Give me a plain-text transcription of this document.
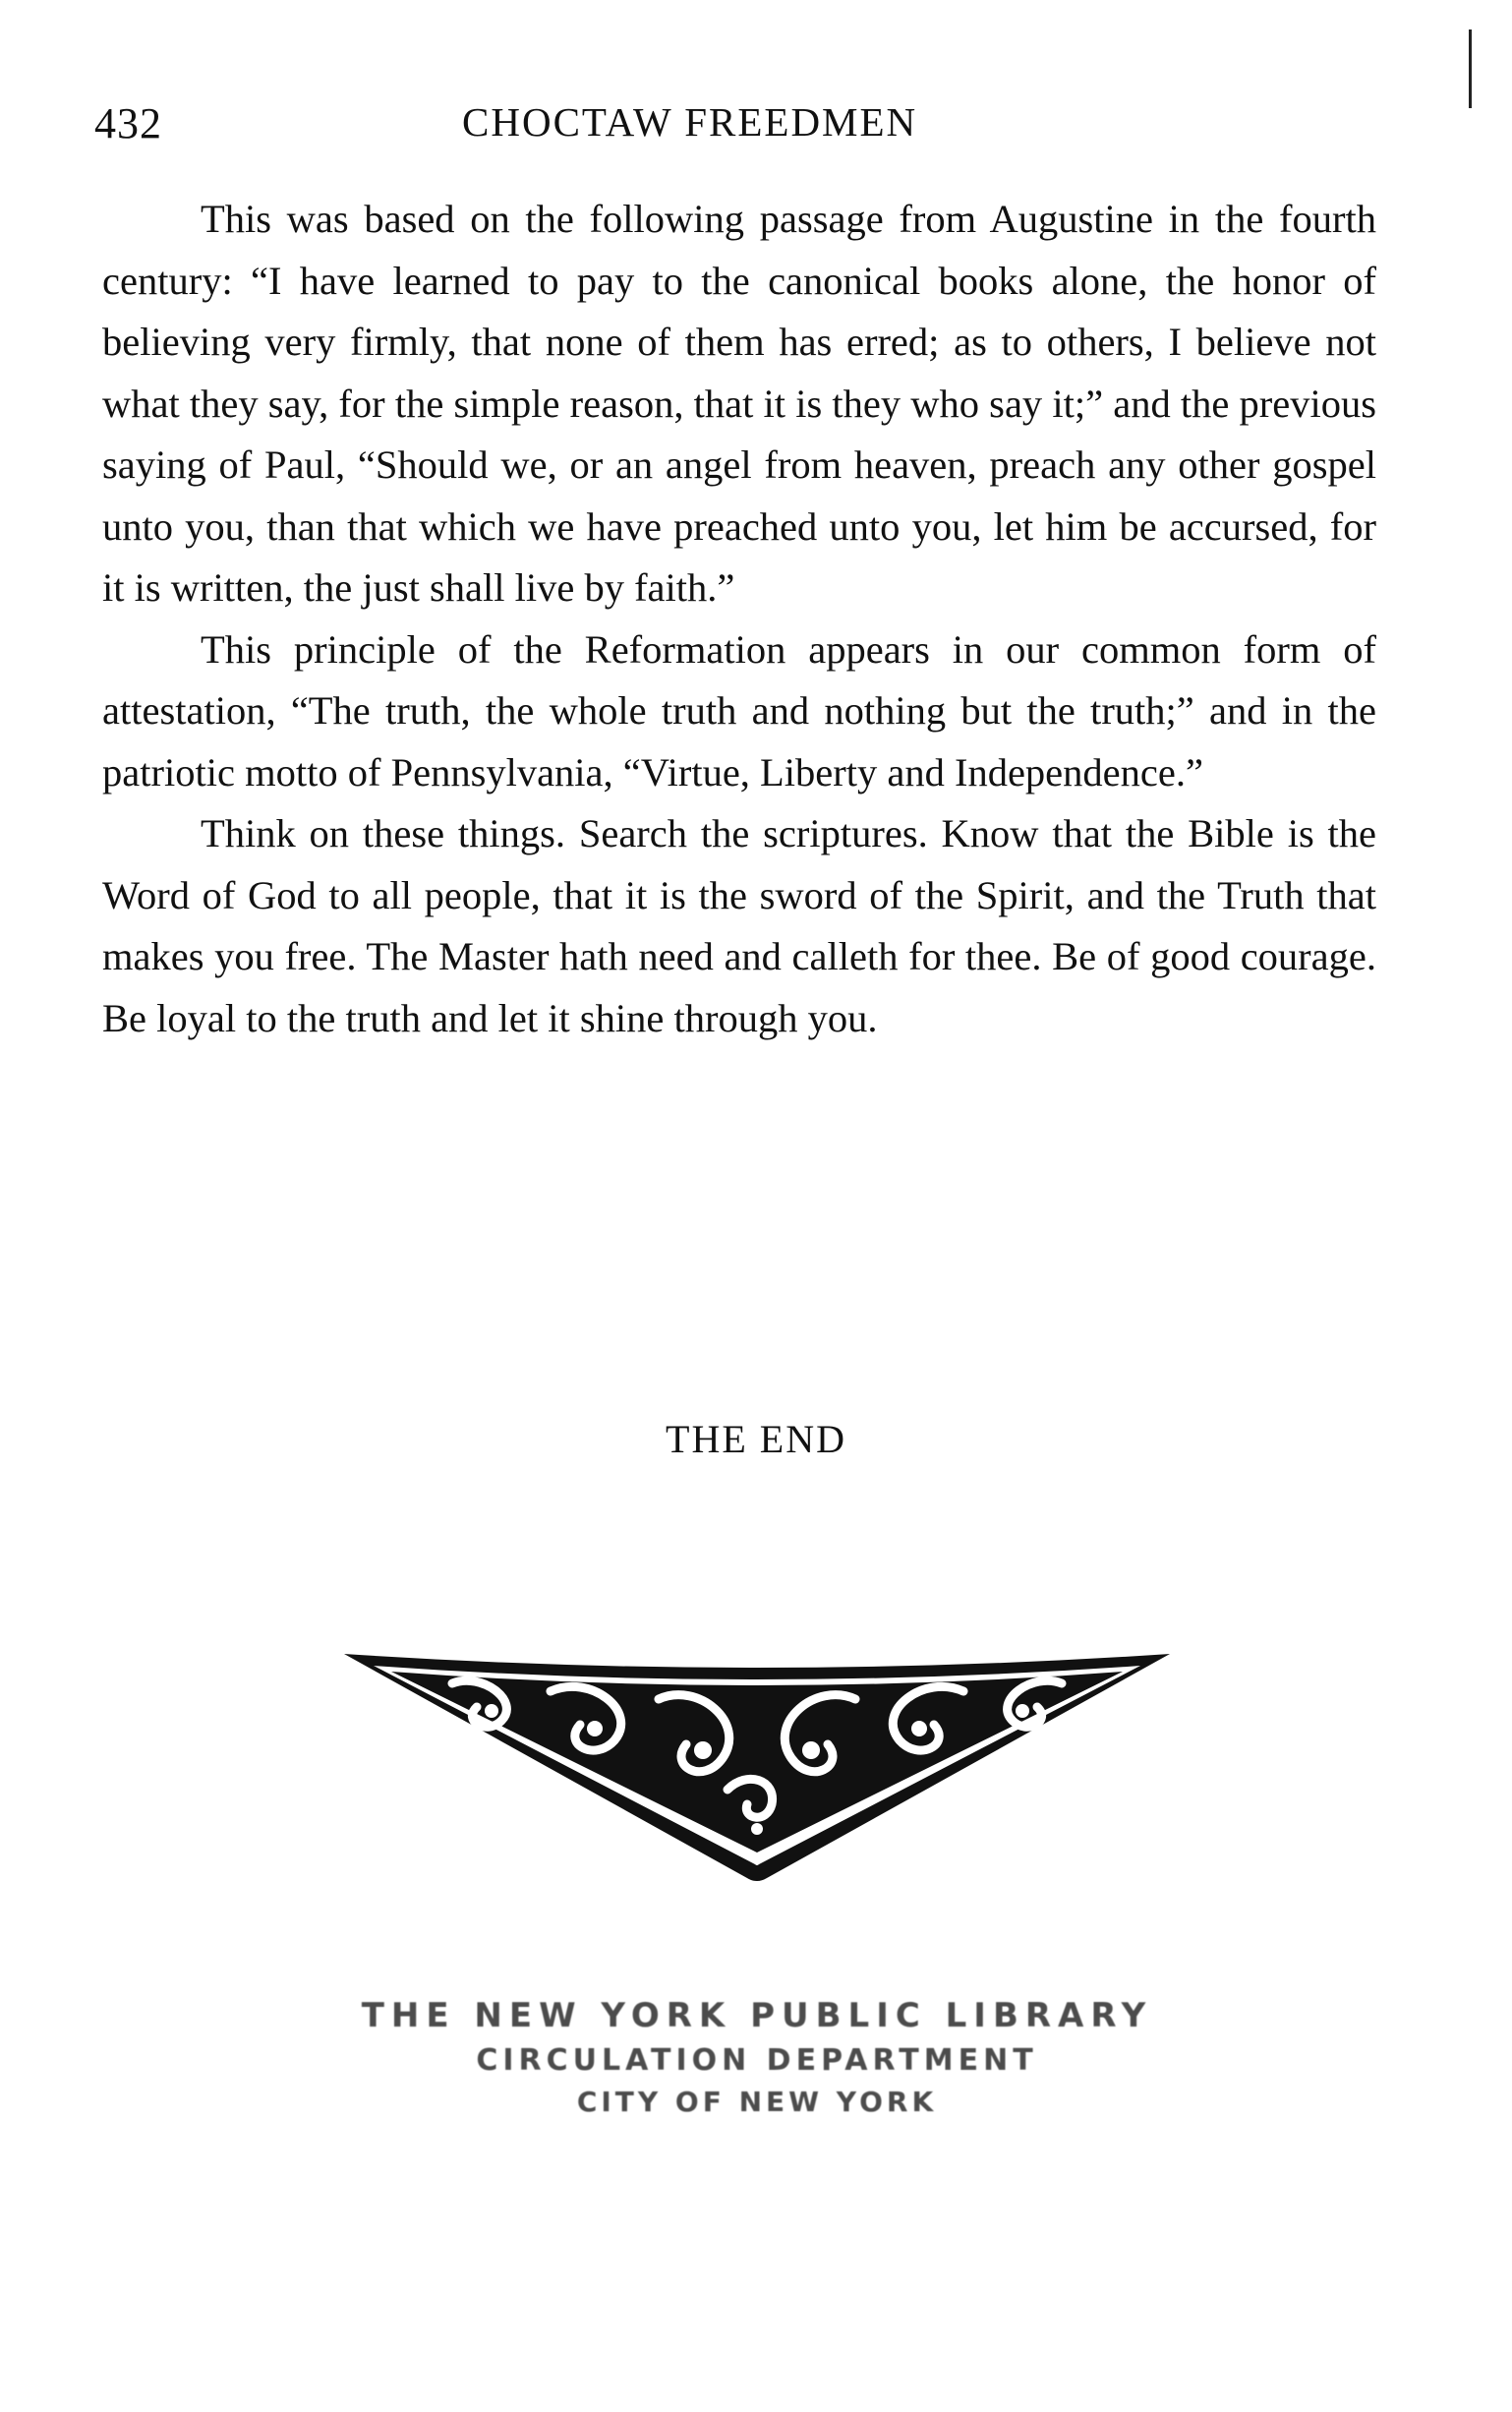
432	CHOCTAW FREEDMEN

This was based on the following passage from Augustine in the fourth century: “I have learned to pay to the canonical books alone, the honor of believing very firmly, that none of them has erred; as to others, I believe not what they say, for the simple reason, that it is they who say it;” and the previous saying of Paul, “Should we, or an angel from heaven, preach any other gospel unto you, than that which we have preached unto you, let him be accursed, for it is written, the just shall live by faith.”

This principle of the Reformation appears in our common form of attestation, “The truth, the whole truth and nothing but the truth;” and in the patriotic motto of Pennsylvania, “Virtue, Liberty and Independence.”

Think on these things. Search the scriptures. Know that the Bible is the Word of God to all people, that it is the sword of the Spirit, and the Truth that makes you free. The Master hath need and calleth for thee. Be of good courage. Be loyal to the truth and let it shine through you.

THE END
THE NEW YORK PUBLIC LIBRARY
CIRCULATION DEPARTMENT
CITY OF NEW YORK
